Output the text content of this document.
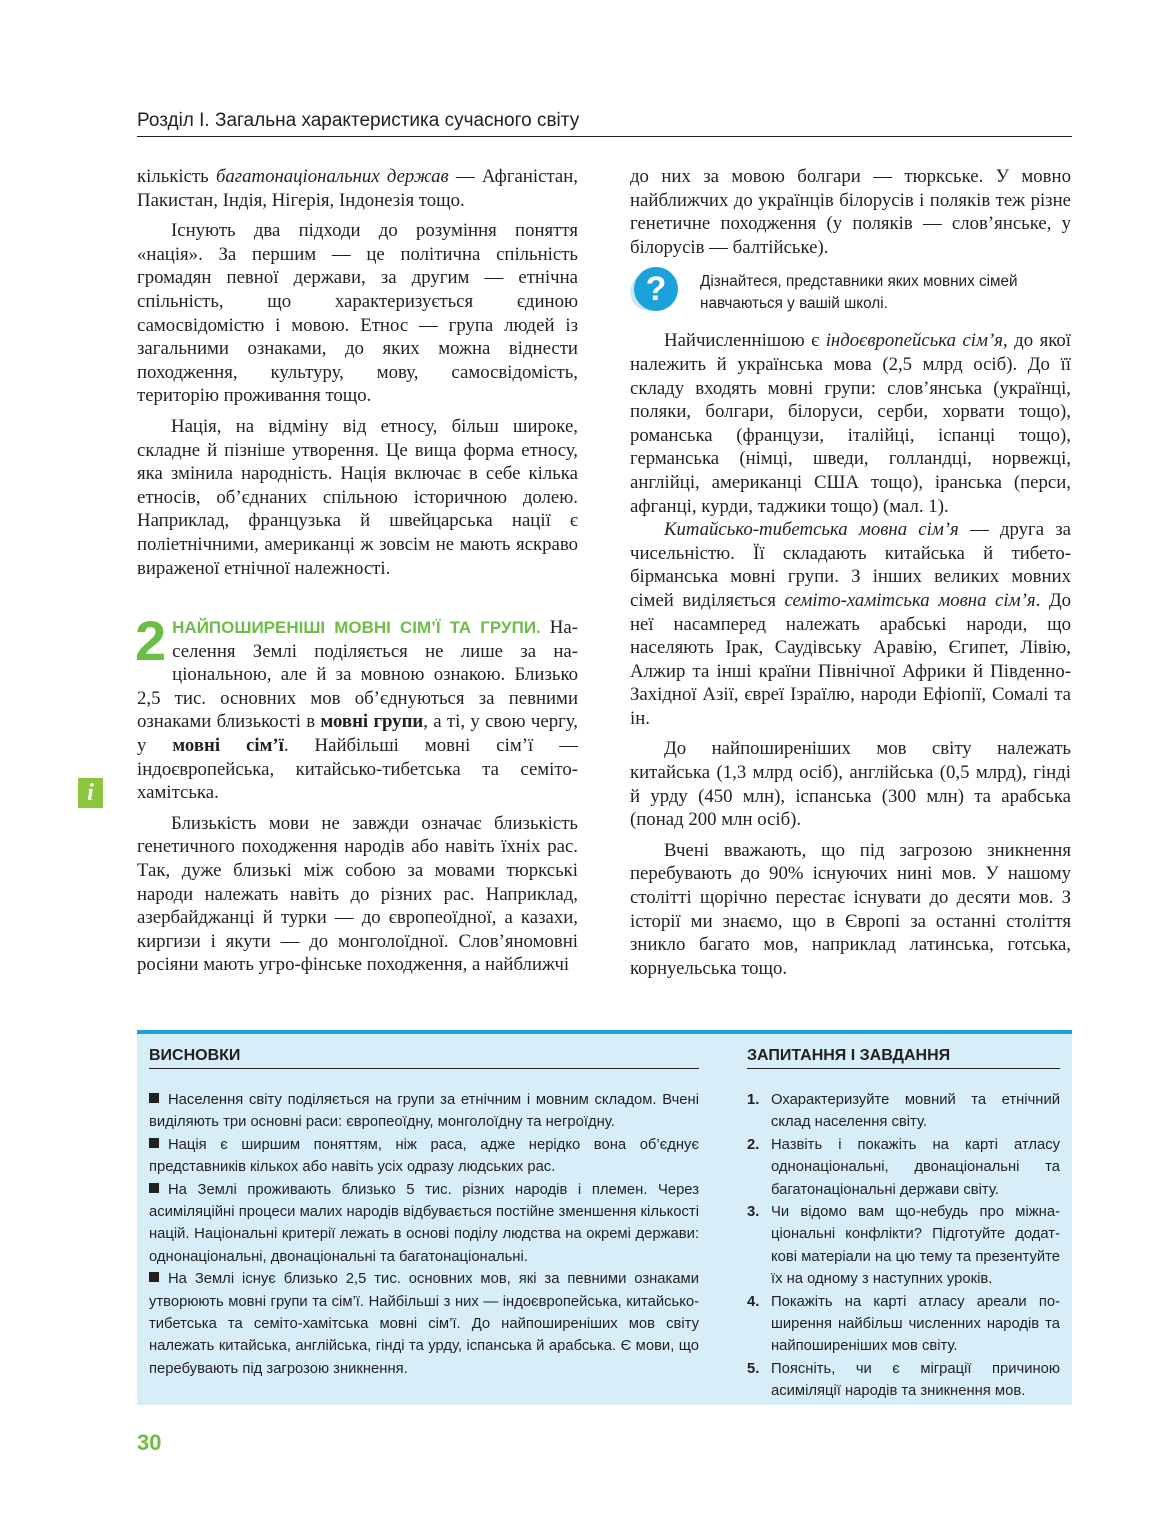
Розділ І. Загальна характеристика сучасного світу

кількість багатонаціональних держав — Афганістан, Пакистан, Індія, Нігерія, Індонезія тощо.

Існують два підходи до розуміння поняття «нація». За першим — це політична спільність громадян певної держави, за другим — етнічна спільність, що характеризується єдиною самосвідомістю і мовою. Етнос — група людей із загальними ознаками, до яких можна віднести походження, культуру, мову, самосвідомість, територію проживання тощо.

Нація, на відміну від етносу, більш широке, складне й пізніше утворення. Це вища форма етносу, яка змінила народність. Нація включає в себе кілька етносів, об’єднаних спільною історичною долею. Наприклад, французька й швейцарська нації є поліетнічними, американці ж зовсім не мають яскраво вираженої етнічної належності.

2 НАЙПОШИРЕНІШІ МОВНІ СІМ’Ї ТА ГРУПИ. Населення Землі поділяється не лише за національною, але й за мовною ознакою. Близько 2,5 тис. основних мов об’єднуються за певними ознаками близькості в мовні групи, а ті, у свою чергу, у мовні сім’ї. Найбільші мовні сім’ї — індоєвропейська, китайсько-тибетська та семіто-хамітська.

Близькість мови не завжди означає близькість генетичного походження народів або навіть їхніх рас. Так, дуже близькі між собою за мовами тюркські народи належать навіть до різних рас. Наприклад, азербайджанці й турки — до європеоїдної, а казахи, киргизи і якути — до монголоїдної. Слов’яномовні росіяни мають угро-фінське походження, а найближчі

i

до них за мовою болгари — тюркське. У мовно найближчих до українців білорусів і поляків теж різне генетичне походження (у поляків — слов’янське, у білорусів — балтійське).

?	Дізнайтеся, представники яких мовних сімей навчаються у вашій школі.

Найчисленнішою є індоєвропейська сім’я, до якої належить й українська мова (2,5 млрд осіб). До її складу входять мовні групи: слов’янська (українці, поляки, болгари, білоруси, серби, хорвати тощо), романська (французи, італійці, іспанці тощо), германська (німці, шведи, голландці, норвежці, англійці, американці США тощо), іранська (перси, афганці, курди, таджики тощо) (мал. 1).

Китайсько-тибетська мовна сім’я — друга за чисельністю. Її складають китайська й тибето-бірманська мовні групи. З інших великих мовних сімей виділяється семіто-хамітська мовна сім’я. До неї насамперед належать арабські народи, що населяють Ірак, Саудівську Аравію, Єгипет, Лівію, Алжир та інші країни Північної Африки й Південно-Західної Азії, євреї Ізраїлю, народи Ефіопії, Сомалі та ін.

До найпоширеніших мов світу належать китайська (1,3 млрд осіб), англійська (0,5 млрд), гінді й урду (450 млн), іспанська (300 млн) та арабська (понад 200 млн осіб).

Вчені вважають, що під загрозою зникнення перебувають до 90% існуючих нині мов. У нашому столітті щорічно перестає існувати до десяти мов. З історії ми знаємо, що в Європі за останні століття зникло багато мов, наприклад латинська, готська, корнуельська тощо.

ВИСНОВКИ

Населення світу поділяється на групи за етнічним і мовним складом. Вчені виділяють три основні раси: європеоїдну, монголоїдну та негроїдну.

Нація є ширшим поняттям, ніж раса, адже нерідко вона об’єднує представників кількох або навіть усіх одразу людських рас.

На Землі проживають близько 5 тис. різних народів і племен. Через асиміляційні процеси малих народів відбувається постійне зменшення кількості націй. Національні критерії лежать в основі поділу людства на окремі держави: однонаціональні, двонаціональні та багатонаціональні.

На Землі існує близько 2,5 тис. основних мов, які за певними ознаками утворюють мовні групи та сім’ї. Найбільші з них — індоєвропейська, китайсько-тибетська та семіто-хамітська мовні сім’ї. До найпоширеніших мов світу належать китайська, англійська, гінді та урду, іспанська й арабська. Є мови, що перебувають під загрозою зникнення.

ЗАПИТАННЯ І ЗАВДАННЯ
1. Охарактеризуйте мовний та етнічний склад населення світу.
2. Назвіть і покажіть на карті атласу однонаціональні, двонаціональні та багатонаціональні держави світу.
3. Чи відомо вам що-небудь про міжнаціональні конфлікти? Підготуйте додаткові матеріали на цю тему та презентуйте їх на одному з наступних уроків.
4. Покажіть на карті атласу ареали поширення найбільш численних народів та найпоширеніших мов світу.
5. Поясніть, чи є міграції причиною асиміляції народів та зникнення мов.
30
